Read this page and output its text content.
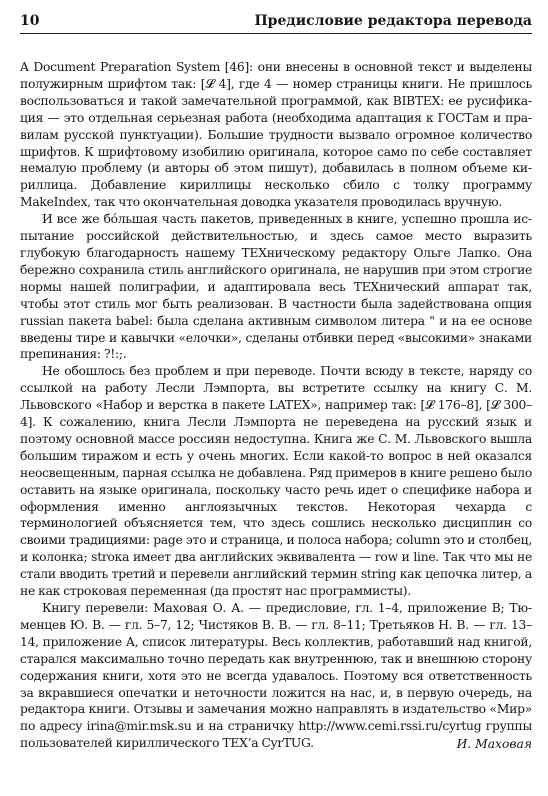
10	Предисловие редактора перевода

A Document Preparation System [46]: они внесены в основной текст и выделены полужирным шрифтом так: [𝓛 4], где 4 — номер страницы книги. Не пришлось воспользоваться и такой замечательной программой, как BIBTEX: ее русификация — это отдельная серьезная работа (необходима адаптация к ГОСТам и правилам русской пунктуации). Большие трудности вызвало огромное количество шрифтов. К шрифтовому изобилию оригинала, которое само по себе составляет немалую проблему (и авторы об этом пишут), добавилась в полном объеме кириллица. Добавление кириллицы несколько сбило с толку программу MakeIndex, так что окончательная доводка указателя проводилась вручную.

И все же бо́льшая часть пакетов, приведенных в книге, успешно прошла испытание российской действительностью, и здесь самое место выразить глубокую благодарность нашему TEXническому редактору Ольге Лапко. Она бережно сохранила стиль английского оригинала, не нарушив при этом строгие нормы нашей полиграфии, и адаптировала весь TEXнический аппарат так, чтобы этот стиль мог быть реализован. В частности была задействована опция russian пакета babel: была сделана активным символом литера " и на ее основе введены тире и кавычки «елочки», сделаны отбивки перед «высокими» знаками препинания: ?!:;.

Не обошлось без проблем и при переводе. Почти всюду в тексте, наряду со ссылкой на работу Лесли Лэмпорта, вы встретите ссылку на книгу С. М. Львовского «Набор и верстка в пакете LATEX», например так: [𝓛 176–8], [𝓛 300–4]. К сожалению, книга Лесли Лэмпорта не переведена на русский язык и поэтому основной массе россиян недоступна. Книга же С. М. Львовского вышла большим тиражом и есть у очень многих. Если какой-то вопрос в ней оказался неосвещенным, парная ссылка не добавлена. Ряд примеров в книге решено было оставить на языке оригинала, поскольку часто речь идет о специфике набора и оформления именно англоязычных текстов. Некоторая чехарда с терминологией объясняется тем, что здесь сошлись несколько дисциплин со своими традициями: page это и страница, и полоса набора; column это и столбец, и колонка; strока имеет два английских эквивалента — row и line. Так что мы не стали вводить третий и перевели английский термин string как цепочка литер, а не как строковая переменная (да простят нас программисты).

Книгу перевели: Маховая О. А. — предисловие, гл. 1–4, приложение В; Тюменцев Ю. В. — гл. 5–7, 12; Чистяков В. В. — гл. 8–11; Третьяков Н. В. — гл. 13–14, приложение А, список литературы. Весь коллектив, работавший над книгой, старался максимально точно передать как внутреннюю, так и внешнюю сторону содержания книги, хотя это не всегда удавалось. Поэтому вся ответственность за вкравшиеся опечатки и неточности ложится на нас, и, в первую очередь, на редактора книги. Отзывы и замечания можно направлять в издательство «Мир» по адресу irina@mir.msk.su и на страничку http://www.cemi.rssi.ru/cyrtug группы пользователей кириллического TEX’а CyrTUG.	И. Маховая
